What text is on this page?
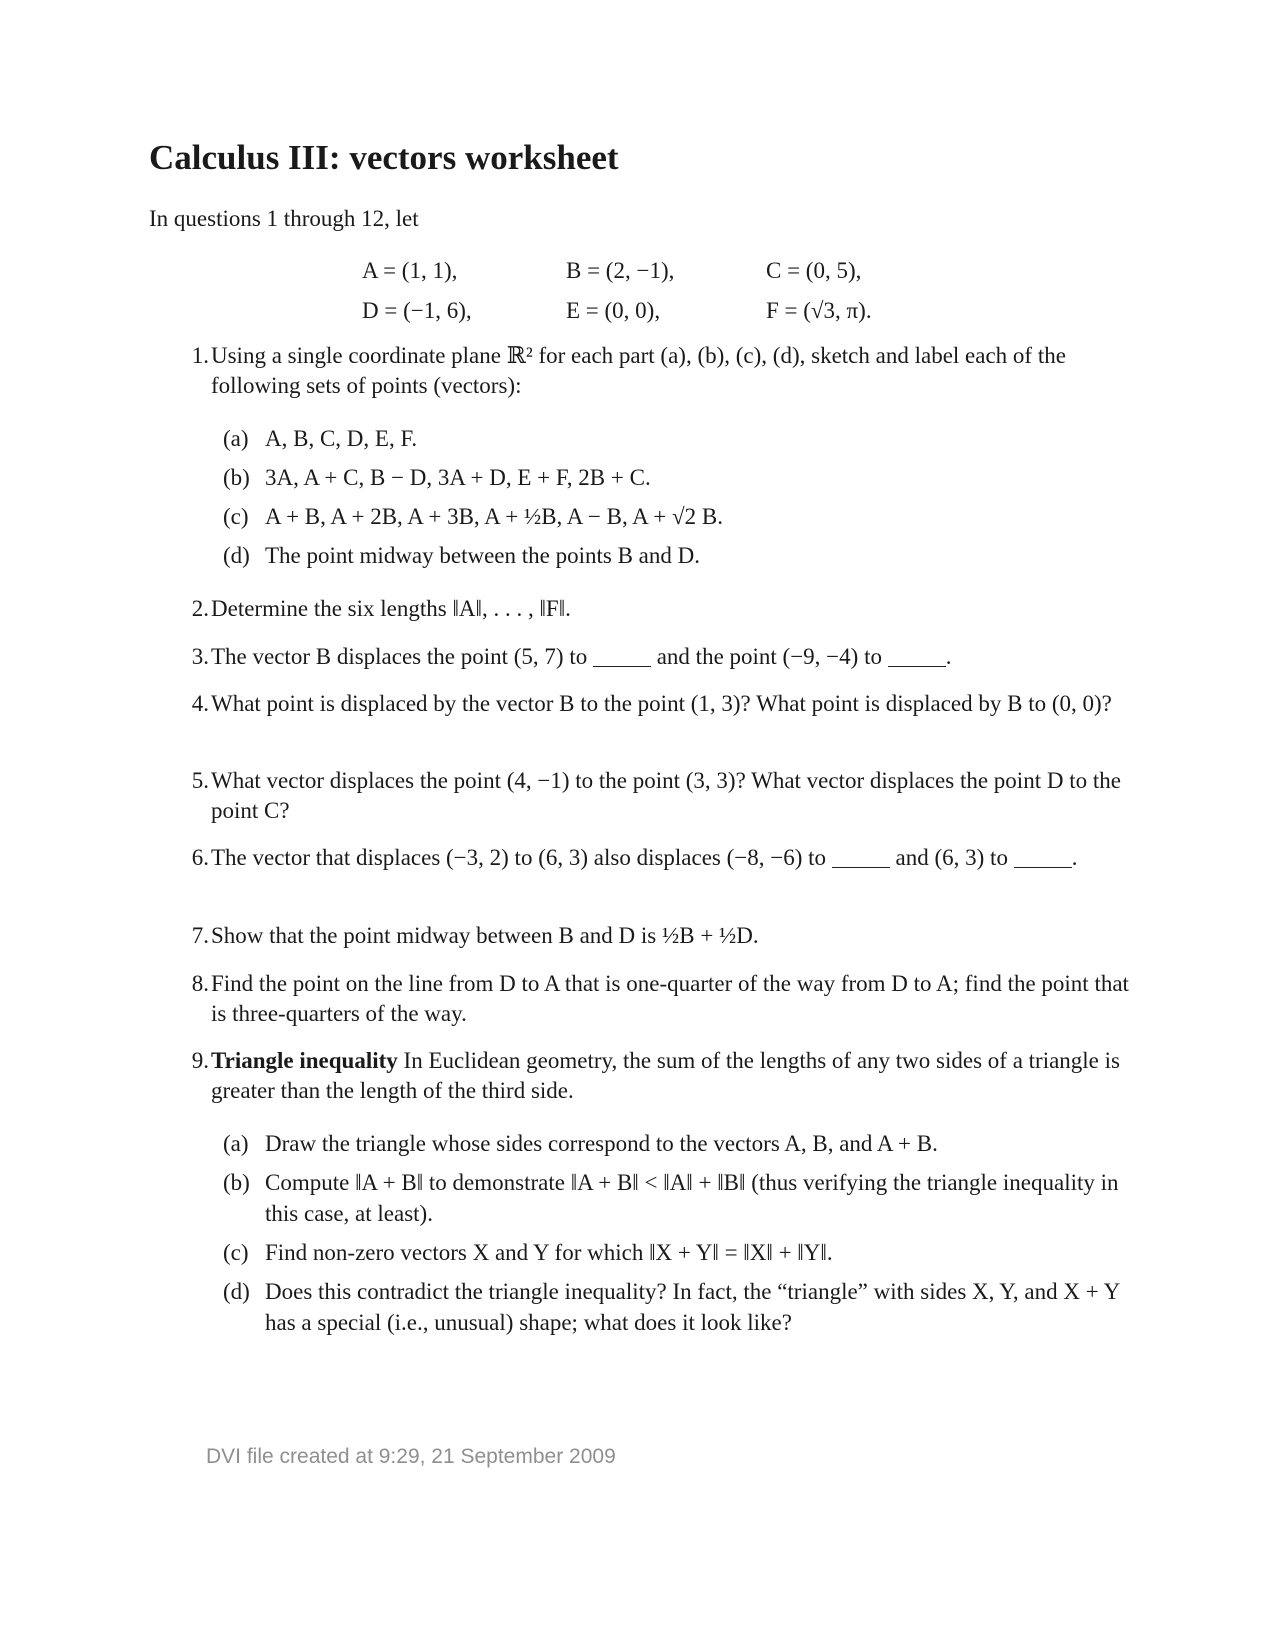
Calculus III: vectors worksheet
In questions 1 through 12, let
A = (1, 1),	B = (2, −1),	C = (0, 5),
D = (−1, 6),	E = (0, 0),	F = (√3, π).
1. Using a single coordinate plane ℝ² for each part (a), (b), (c), (d), sketch and label each of the following sets of points (vectors):
(a) A, B, C, D, E, F.
(b) 3A, A + C, B − D, 3A + D, E + F, 2B + C.
(c) A + B, A + 2B, A + 3B, A + ½B, A − B, A + √2 B.
(d) The point midway between the points B and D.
2. Determine the six lengths ‖A‖, . . . , ‖F‖.
3. The vector B displaces the point (5, 7) to	and the point (−9, −4) to	.
4. What point is displaced by the vector B to the point (1, 3)? What point is displaced by B to (0, 0)?
5. What vector displaces the point (4, −1) to the point (3, 3)? What vector displaces the point D to the point C?
6. The vector that displaces (−3, 2) to (6, 3) also displaces (−8, −6) to	and (6, 3) to	.
7. Show that the point midway between B and D is ½B + ½D.
8. Find the point on the line from D to A that is one-quarter of the way from D to A; find the point that is three-quarters of the way.
9. Triangle inequality In Euclidean geometry, the sum of the lengths of any two sides of a triangle is greater than the length of the third side.
(a) Draw the triangle whose sides correspond to the vectors A, B, and A + B.
(b) Compute ‖A + B‖ to demonstrate ‖A + B‖ < ‖A‖ + ‖B‖ (thus verifying the triangle inequality in this case, at least).
(c) Find non-zero vectors X and Y for which ‖X + Y‖ = ‖X‖ + ‖Y‖.
(d) Does this contradict the triangle inequality? In fact, the “triangle” with sides X, Y, and X + Y has a special (i.e., unusual) shape; what does it look like?
DVI file created at 9:29, 21 September 2009
